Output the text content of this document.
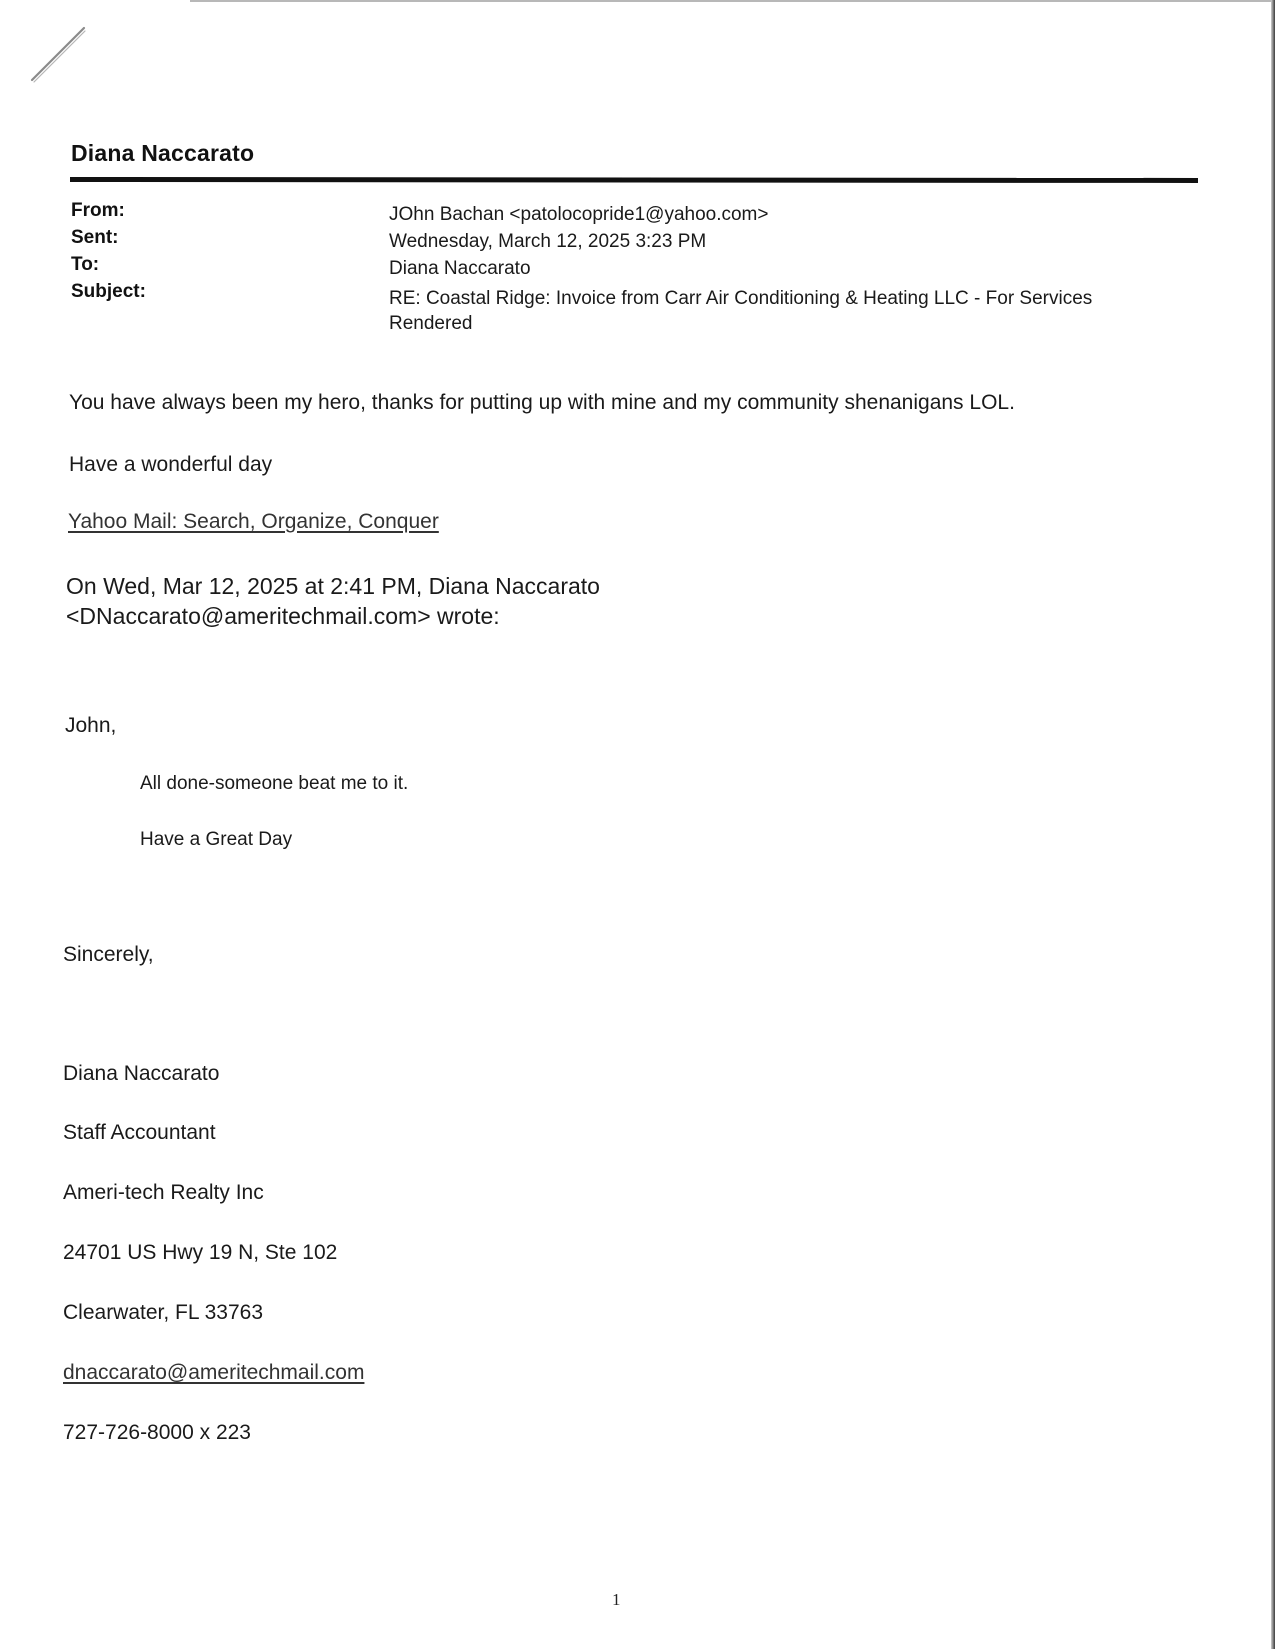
Diana Naccarato
From:	JOhn Bachan <patolocopride1@yahoo.com>
Sent:	Wednesday, March 12, 2025 3:23 PM
To:	Diana Naccarato
Subject:	RE: Coastal Ridge: Invoice from Carr Air Conditioning & Heating LLC - For Services Rendered
You have always been my hero, thanks for putting up with mine and my community shenanigans LOL.
Have a wonderful day
Yahoo Mail: Search, Organize, Conquer
On Wed, Mar 12, 2025 at 2:41 PM, Diana Naccarato
<DNaccarato@ameritechmail.com> wrote:
John,
All done-someone beat me to it.
Have a Great Day
Sincerely,
Diana Naccarato
Staff Accountant
Ameri-tech Realty Inc
24701 US Hwy 19 N, Ste 102
Clearwater, FL 33763
dnaccarato@ameritechmail.com
727-726-8000 x 223
1
